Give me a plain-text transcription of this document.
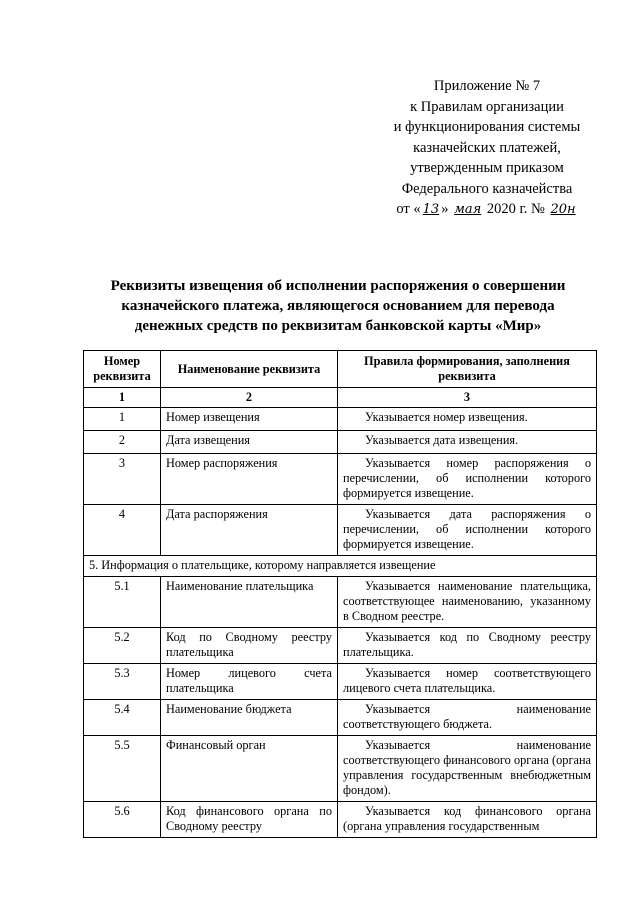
Приложение № 7
к Правилам организации
и функционирования системы
казначейских платежей,
утвержденным приказом
Федерального казначейства
от « 13 » мая 2020 г. № 20н
Реквизиты извещения об исполнении распоряжения о совершении казначейского платежа, являющегося основанием для перевода денежных средств по реквизитам банковской карты «Мир»
Номер реквизита	Наименование реквизита	Правила формирования, заполнения реквизита
1	2	3
1	Номер извещения	Указывается номер извещения.
2	Дата извещения	Указывается дата извещения.
3	Номер распоряжения	Указывается номер распоряжения о перечислении, об исполнении которого формируется извещение.
4	Дата распоряжения	Указывается дата распоряжения о перечислении, об исполнении которого формируется извещение.
5. Информация о плательщике, которому направляется извещение		
5.1	Наименование плательщика	Указывается наименование плательщика, соответствующее наименованию, указанному в Сводном реестре.
5.2	Код по Сводному реестру плательщика	Указывается код по Сводному реестру плательщика.
5.3	Номер лицевого счета плательщика	Указывается номер соответствующего лицевого счета плательщика.
5.4	Наименование бюджета	Указывается наименование соответствующего бюджета.
5.5	Финансовый орган	Указывается наименование соответствующего финансового органа (органа управления государственным внебюджетным фондом).
5.6	Код финансового органа по Сводному реестру	Указывается код финансового органа (органа управления государственным
